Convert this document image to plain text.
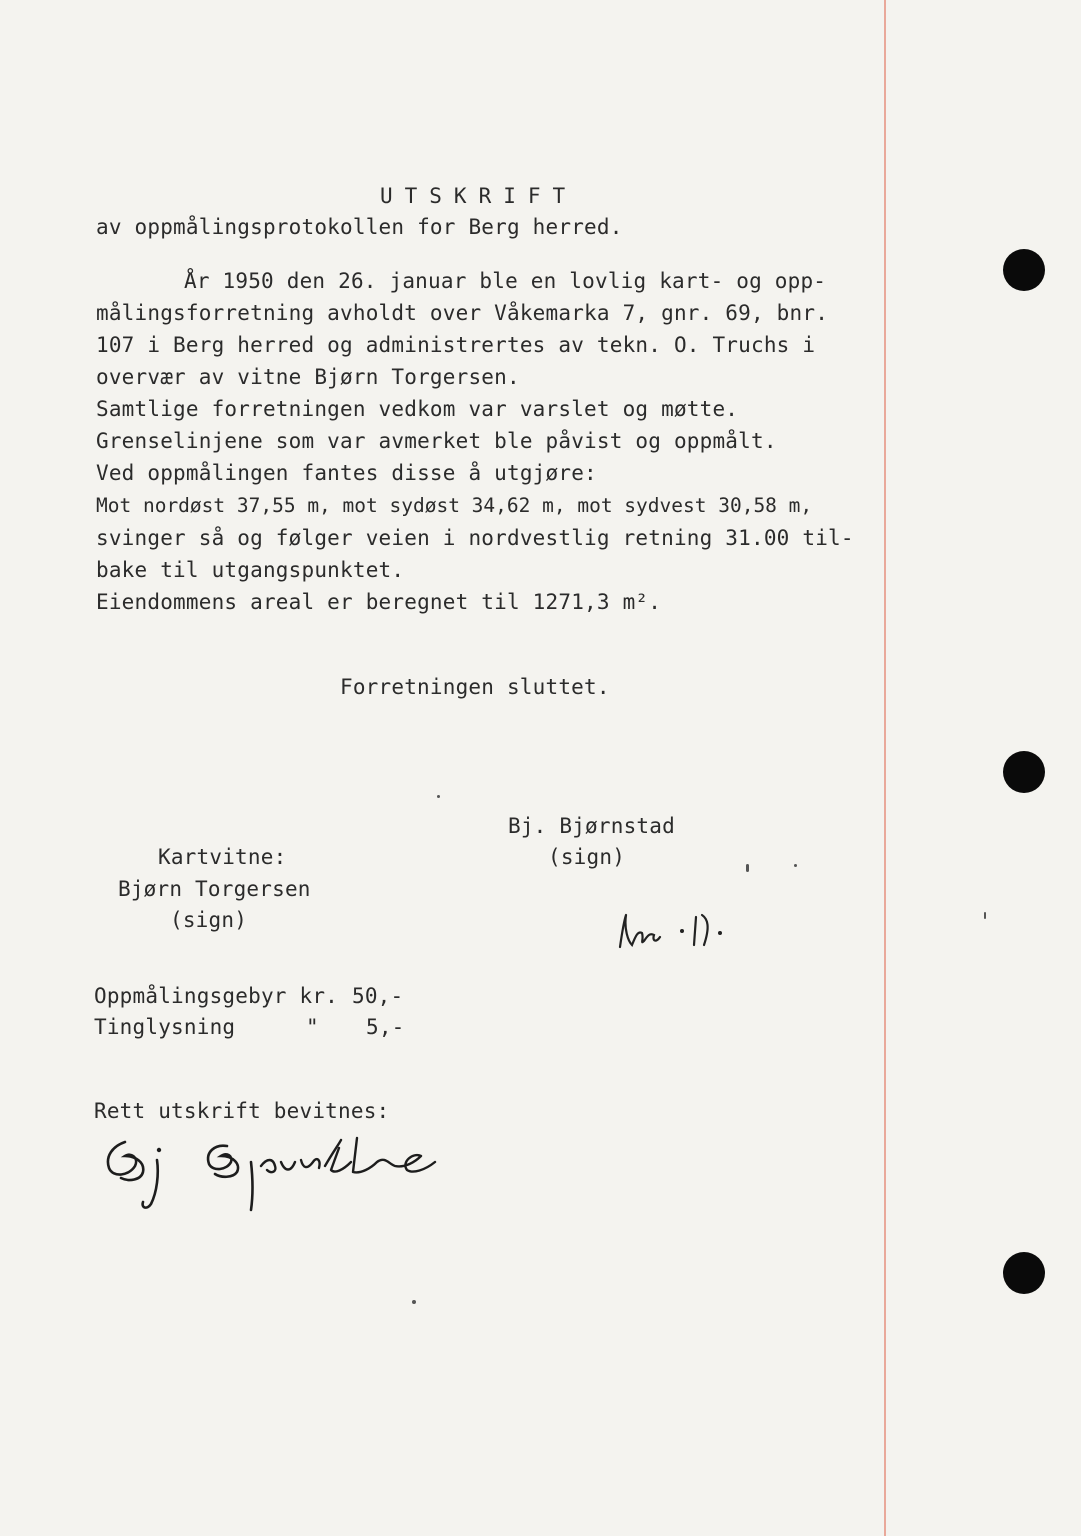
UTSKRIFT
av oppmålingsprotokollen for Berg herred.
År 1950 den 26. januar ble en lovlig kart- og opp-
målingsforretning avholdt over Våkemarka 7, gnr. 69, bnr.
107 i Berg herred og administrertes av tekn. O. Truchs i
overvær av vitne Bjørn Torgersen.
Samtlige forretningen vedkom var varslet og møtte.
Grenselinjene som var avmerket ble påvist og oppmålt.
Ved oppmålingen fantes disse å utgjøre:
Mot nordøst 37,55 m, mot sydøst 34,62 m, mot sydvest 30,58 m,
svinger så og følger veien i nordvestlig retning 31.00 til-
bake til utgangspunktet.
Eiendommens areal er beregnet til 1271,3 m².
Forretningen sluttet.
Bj. Bjørnstad
(sign)
Kartvitne:
Bjørn Torgersen
(sign)
Oppmålingsgebyr kr. 50,-
Tinglysning	" 5,-
Rett utskrift bevitnes:
